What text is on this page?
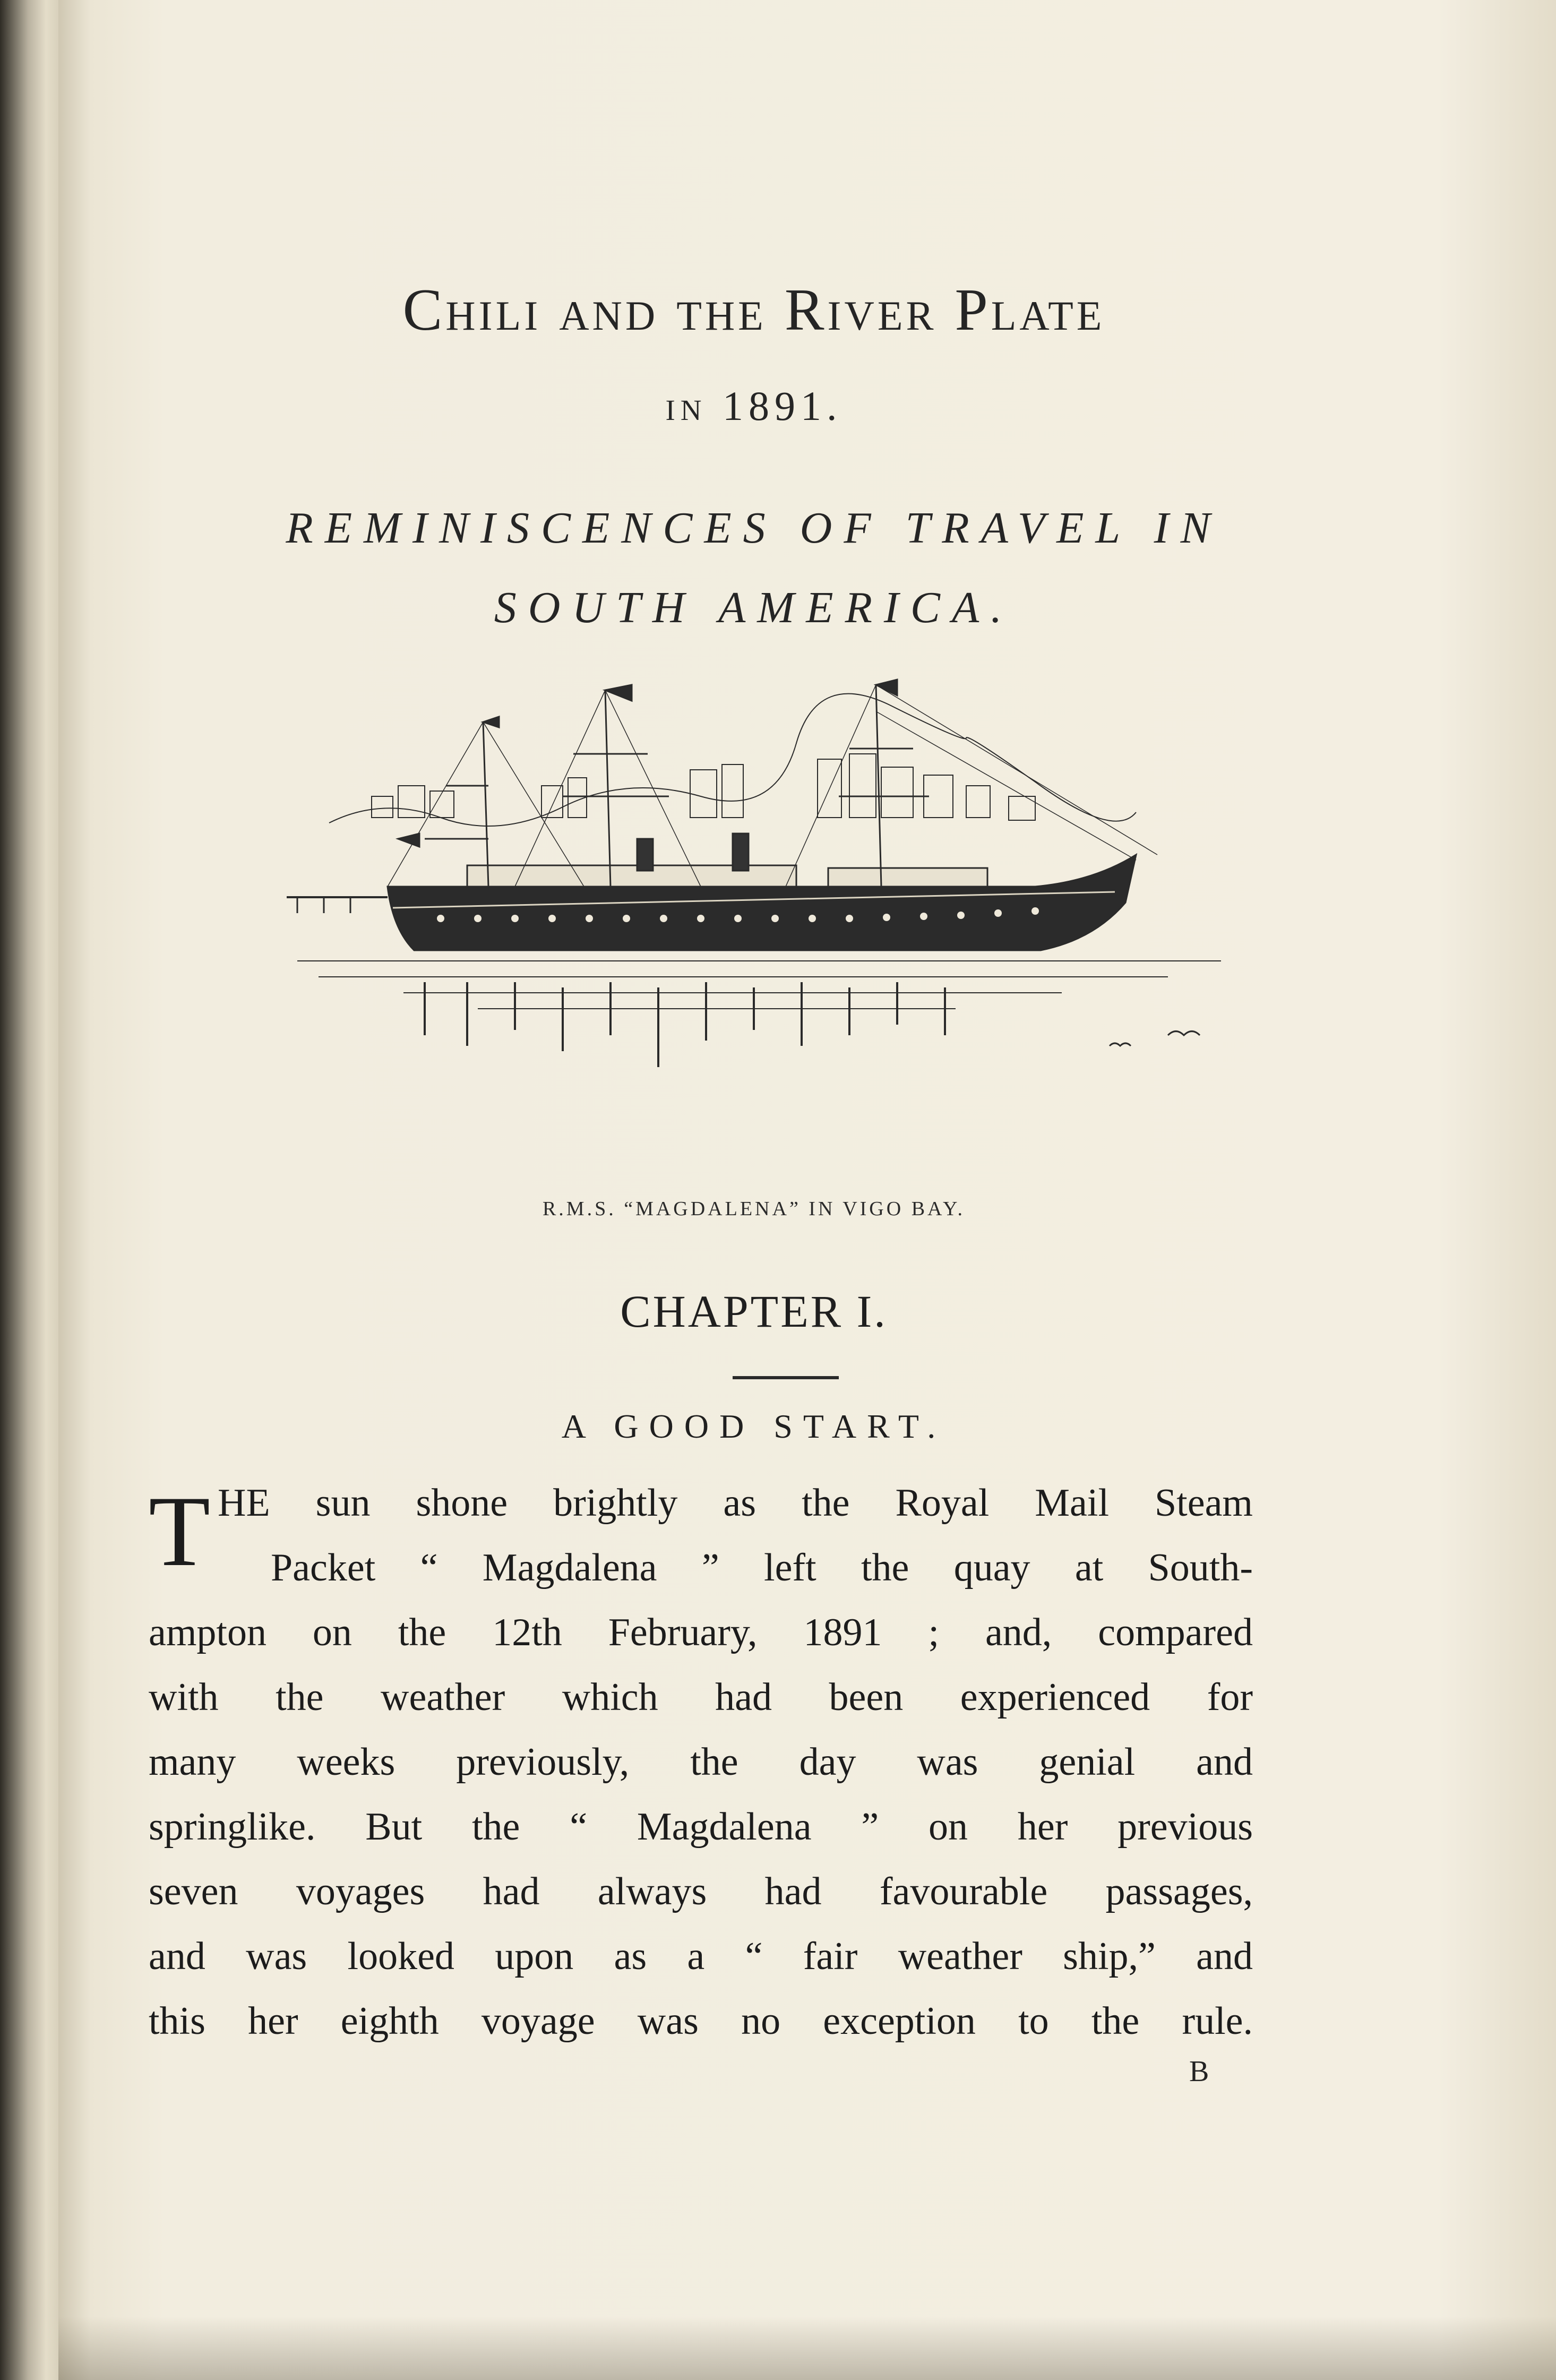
Chili and the River Plate
in 1891.
REMINISCENCES OF TRAVEL IN
SOUTH AMERICA.
R.M.S. “MAGDALENA” IN VIGO BAY.
CHAPTER I.
A GOOD START.
T HE sun shone brightly as the Royal Mail Steam
Packet “ Magdalena ” left the quay at South-
ampton on the 12th February, 1891 ; and, compared
with the weather which had been experienced for
many weeks previously, the day was genial and
springlike. But the “ Magdalena ” on her previous
seven voyages had always had favourable passages,
and was looked upon as a “ fair weather ship,” and
this her eighth voyage was no exception to the rule.
B
